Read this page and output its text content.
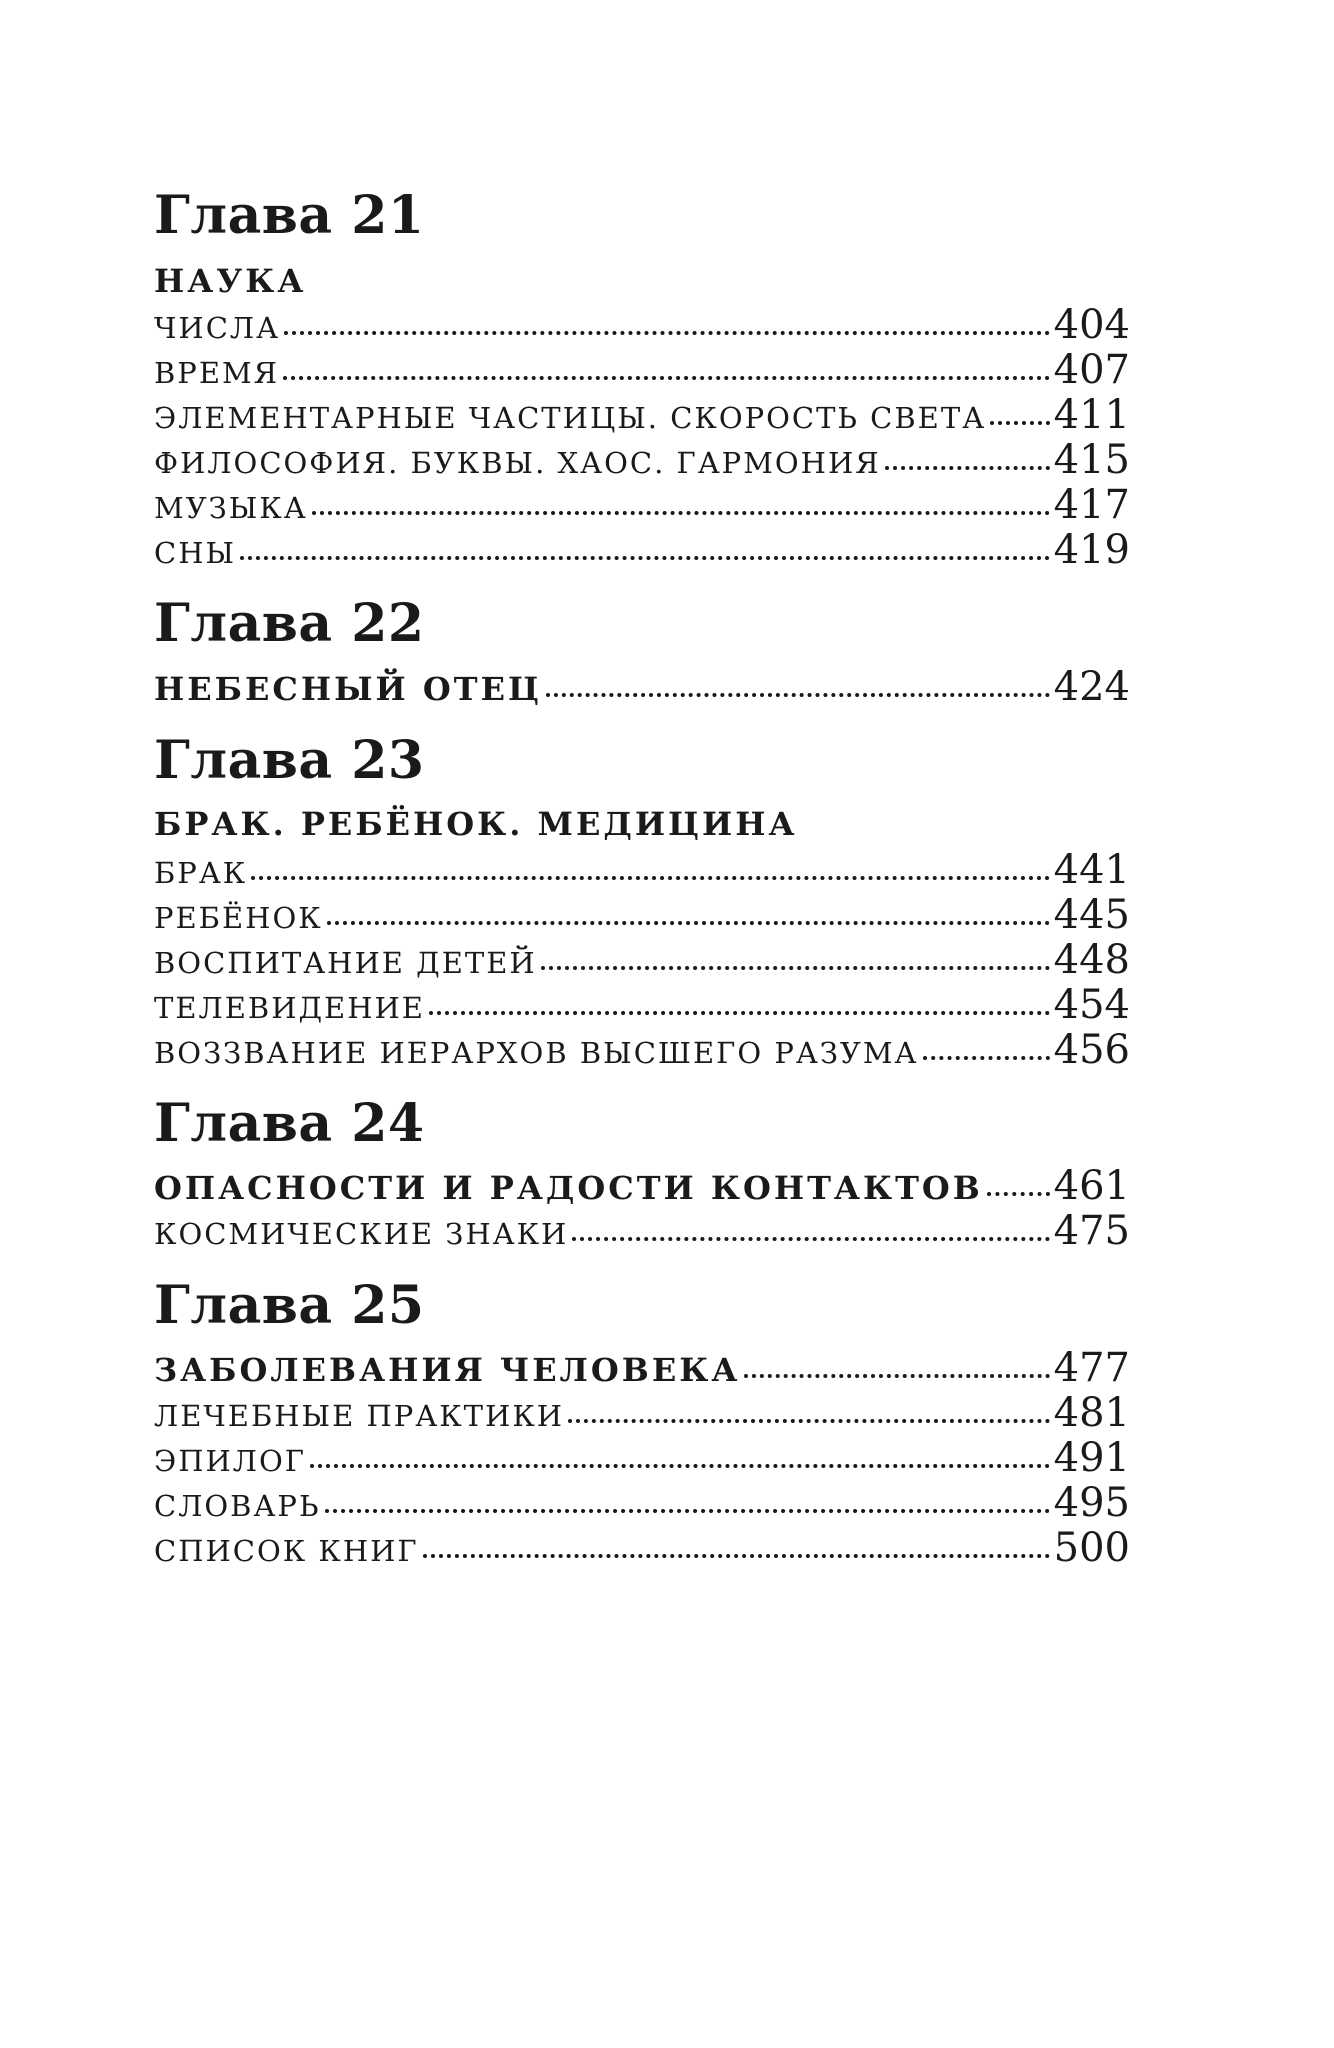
Глава 21
НАУКА
ЧИСЛА	404
ВРЕМЯ	407
ЭЛЕМЕНТАРНЫЕ ЧАСТИЦЫ. СКОРОСТЬ СВЕТА 411
ФИЛОСОФИЯ. БУКВЫ. ХАОС. ГАРМОНИЯ	415
МУЗЫКА	417
СНЫ	419
Глава 22
НЕБЕСНЫЙ ОТЕЦ	424
Глава 23
БРАК. РЕБЁНОК. МЕДИЦИНА
БРАК	441
РЕБЁНОК	445
ВОСПИТАНИЕ ДЕТЕЙ	448
ТЕЛЕВИДЕНИЕ	454
ВОЗЗВАНИЕ ИЕРАРХОВ ВЫСШЕГО РАЗУМА	456
Глава 24
ОПАСНОСТИ И РАДОСТИ КОНТАКТОВ 461
КОСМИЧЕСКИЕ ЗНАКИ	475
Глава 25
ЗАБОЛЕВАНИЯ ЧЕЛОВЕКА	477
ЛЕЧЕБНЫЕ ПРАКТИКИ	481
ЭПИЛОГ	491
СЛОВАРЬ	495
СПИСОК КНИГ	500
